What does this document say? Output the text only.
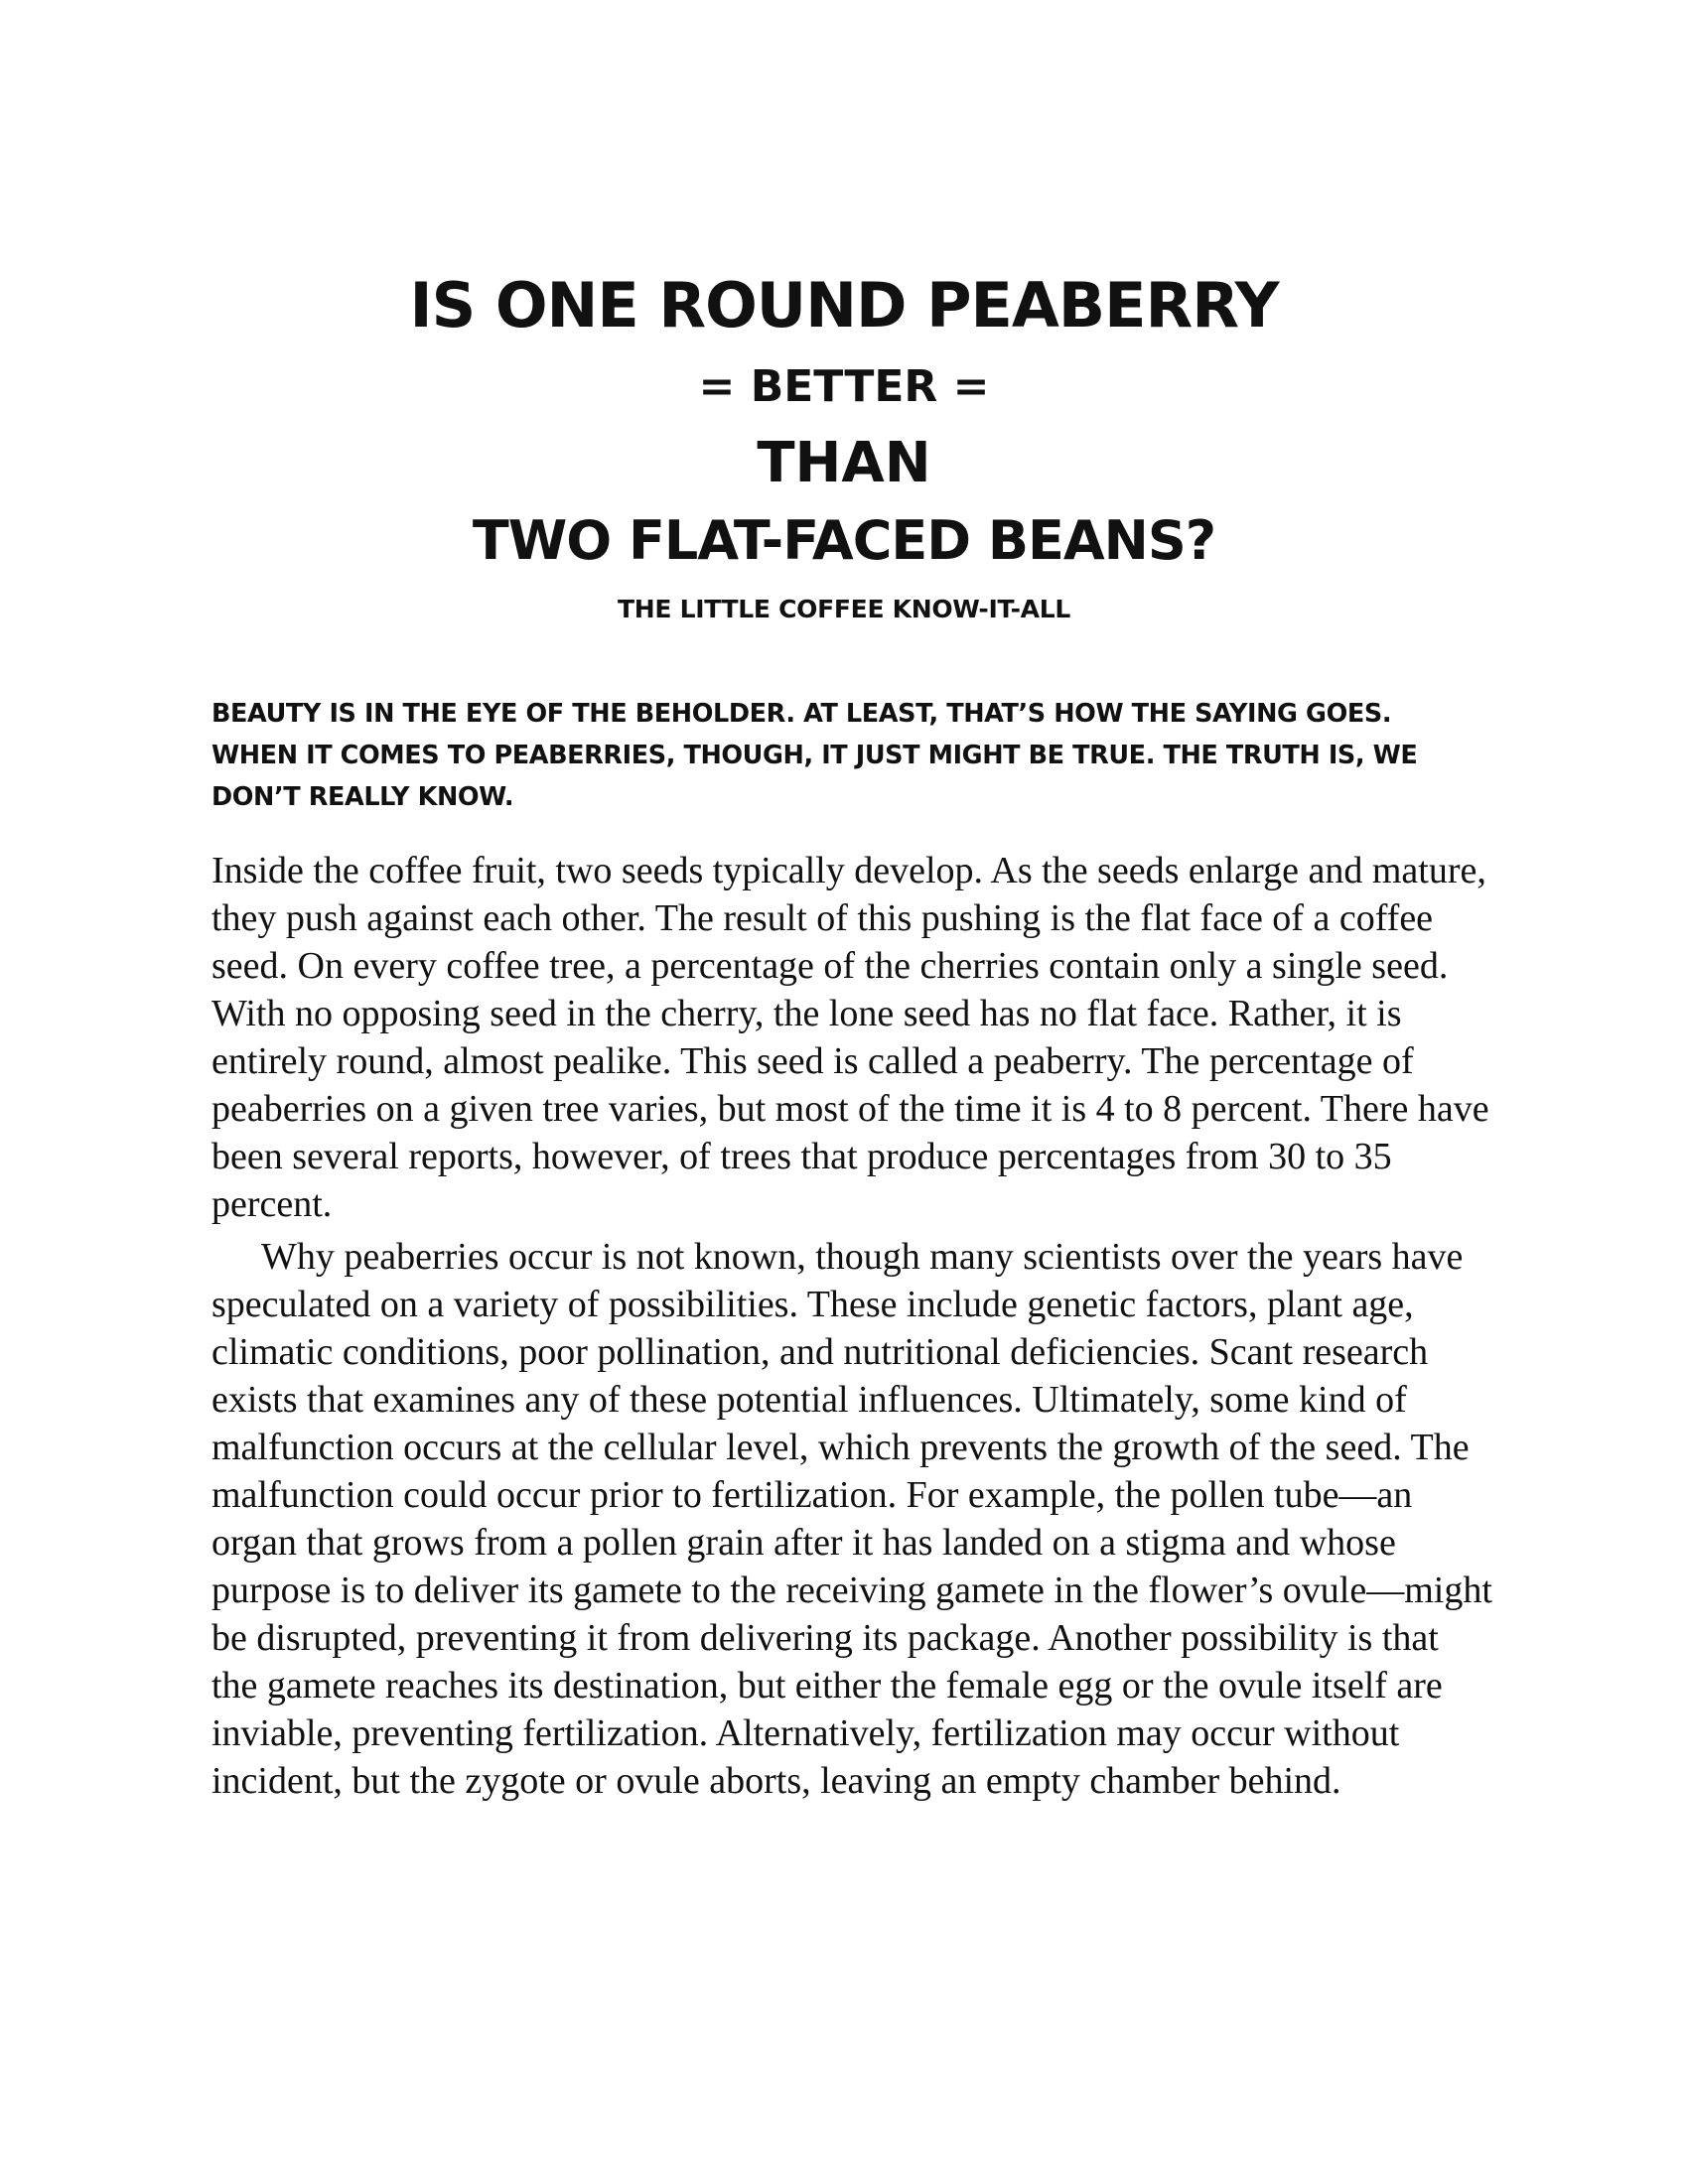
IS ONE ROUND PEABERRY
= BETTER =
THAN
TWO FLAT-FACED BEANS?
THE LITTLE COFFEE KNOW-IT-ALL

BEAUTY IS IN THE EYE OF THE BEHOLDER. AT LEAST, THAT’S HOW THE SAYING GOES. WHEN IT COMES TO PEABERRIES, THOUGH, IT JUST MIGHT BE TRUE. THE TRUTH IS, WE DON’T REALLY KNOW.

Inside the coffee fruit, two seeds typically develop. As the seeds enlarge and mature, they push against each other. The result of this pushing is the flat face of a coffee seed. On every coffee tree, a percentage of the cherries contain only a single seed. With no opposing seed in the cherry, the lone seed has no flat face. Rather, it is entirely round, almost pealike. This seed is called a peaberry. The percentage of peaberries on a given tree varies, but most of the time it is 4 to 8 percent. There have been several reports, however, of trees that produce percentages from 30 to 35 percent.

Why peaberries occur is not known, though many scientists over the years have speculated on a variety of possibilities. These include genetic factors, plant age, climatic conditions, poor pollination, and nutritional deficiencies. Scant research exists that examines any of these potential influences. Ultimately, some kind of malfunction occurs at the cellular level, which prevents the growth of the seed. The malfunction could occur prior to fertilization. For example, the pollen tube—an organ that grows from a pollen grain after it has landed on a stigma and whose purpose is to deliver its gamete to the receiving gamete in the flower’s ovule—might be disrupted, preventing it from delivering its package. Another possibility is that the gamete reaches its destination, but either the female egg or the ovule itself are inviable, preventing fertilization. Alternatively, fertilization may occur without incident, but the zygote or ovule aborts, leaving an empty chamber behind.
